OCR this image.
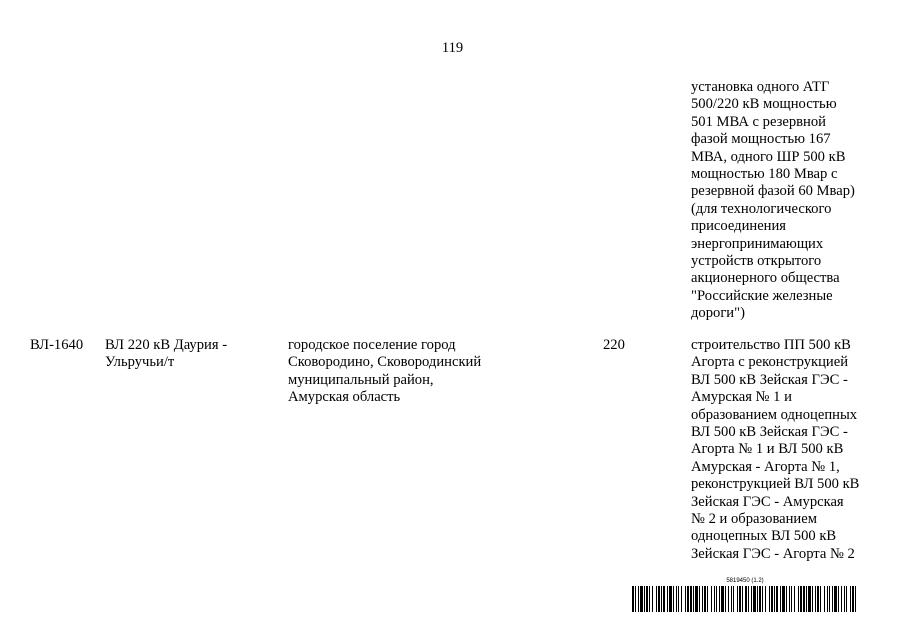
119
установка одного АТГ
500/220 кВ мощностью
501 МВА с резервной
фазой мощностью 167
МВА, одного ШР 500 кВ
мощностью 180 Мвар с
резервной фазой 60 Мвар)
(для технологического
присоединения
энергопринимающих
устройств открытого
акционерного общества
"Российские железные
дороги")
ВЛ-1640 ВЛ 220 кВ Даурия -
Ульручьи/т
городское поселение город
Сковородино, Сковородинский
муниципальный район,
Амурская область
220	строительство ПП 500 кВ
Агорта с реконструкцией
ВЛ 500 кВ Зейская ГЭС -
Амурская № 1 и
образованием одноцепных
ВЛ 500 кВ Зейская ГЭС -
Агорта № 1 и ВЛ 500 кВ
Амурская - Агорта № 1,
реконструкцией ВЛ 500 кВ
Зейская ГЭС - Амурская
№ 2 и образованием
одноцепных ВЛ 500 кВ
Зейская ГЭС - Агорта № 2
5819450 (1.2)
